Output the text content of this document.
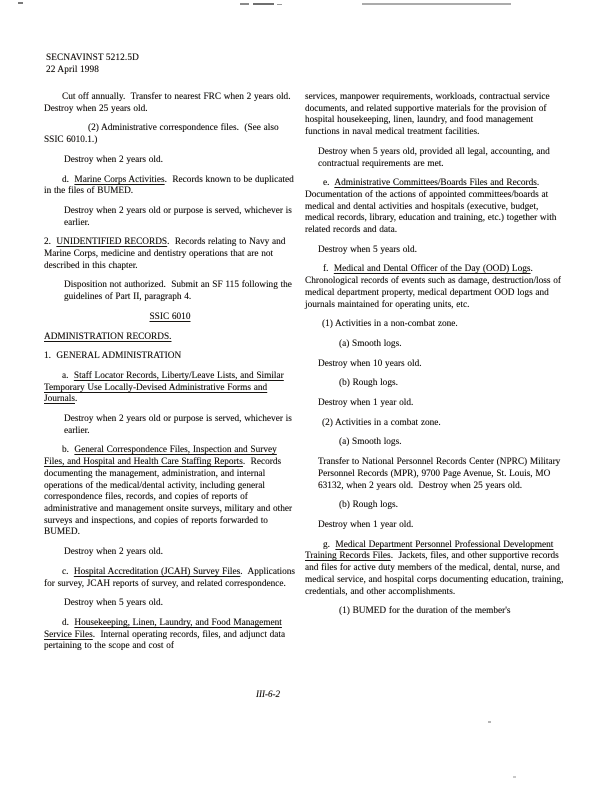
SECNAVINST 5212.5D
22 April 1998

Cut off annually.  Transfer to nearest FRC when 2 years old.  Destroy when 25 years old.

(2) Administrative correspondence files.  (See also SSIC 6010.1.)

Destroy when 2 years old.

d.  Marine Corps Activities.  Records known to be duplicated in the files of BUMED.

Destroy when 2 years old or purpose is served, whichever is earlier.

2.  UNIDENTIFIED RECORDS.  Records relating to Navy and Marine Corps, medicine and dentistry operations that are not described in this chapter.

Disposition not authorized.  Submit an SF 115 following the guidelines of Part II, paragraph 4.

SSIC 6010

ADMINISTRATION RECORDS.

1.  GENERAL ADMINISTRATION

a.  Staff Locator Records, Liberty/Leave Lists, and Similar Temporary Use Locally-Devised Administrative Forms and Journals.

Destroy when 2 years old or purpose is served, whichever is earlier.

b.  General Correspondence Files, Inspection and Survey Files, and Hospital and Health Care Staffing Reports.  Records documenting the management, administration, and internal operations of the medical/dental activity, including general correspondence files, records, and copies of reports of administrative and management onsite surveys, military and other surveys and inspections, and copies of reports forwarded to BUMED.

Destroy when 2 years old.

c.  Hospital Accreditation (JCAH) Survey Files.  Applications for survey, JCAH reports of survey, and related correspondence.

Destroy when 5 years old.

d.  Housekeeping, Linen, Laundry, and Food Management Service Files.  Internal operating records, files, and adjunct data pertaining to the scope and cost of

services, manpower requirements, workloads, contractual service documents, and related supportive materials for the provision of hospital housekeeping, linen, laundry, and food management functions in naval medical treatment facilities.

Destroy when 5 years old, provided all legal, accounting, and contractual requirements are met.

e.  Administrative Committees/Boards Files and Records.  Documentation of the actions of appointed committees/boards at medical and dental activities and hospitals (executive, budget, medical records, library, education and training, etc.) together with related records and data.

Destroy when 5 years old.

f.  Medical and Dental Officer of the Day (OOD) Logs.  Chronological records of events such as damage, destruction/loss of medical department property, medical department OOD logs and journals maintained for operating units, etc.

(1) Activities in a non-combat zone.

(a) Smooth logs.

Destroy when 10 years old.

(b) Rough logs.

Destroy when 1 year old.

(2) Activities in a combat zone.

(a) Smooth logs.

Transfer to National Personnel Records Center (NPRC) Military Personnel Records (MPR), 9700 Page Avenue, St. Louis, MO 63132, when 2 years old.  Destroy when 25 years old.

(b) Rough logs.

Destroy when 1 year old.

g.  Medical Department Personnel Professional Development Training Records Files.  Jackets, files, and other supportive records and files for active duty members of the medical, dental, nurse, and medical service, and hospital corps documenting education, training, credentials, and other accomplishments.

(1) BUMED for the duration of the member's

III-6-2
